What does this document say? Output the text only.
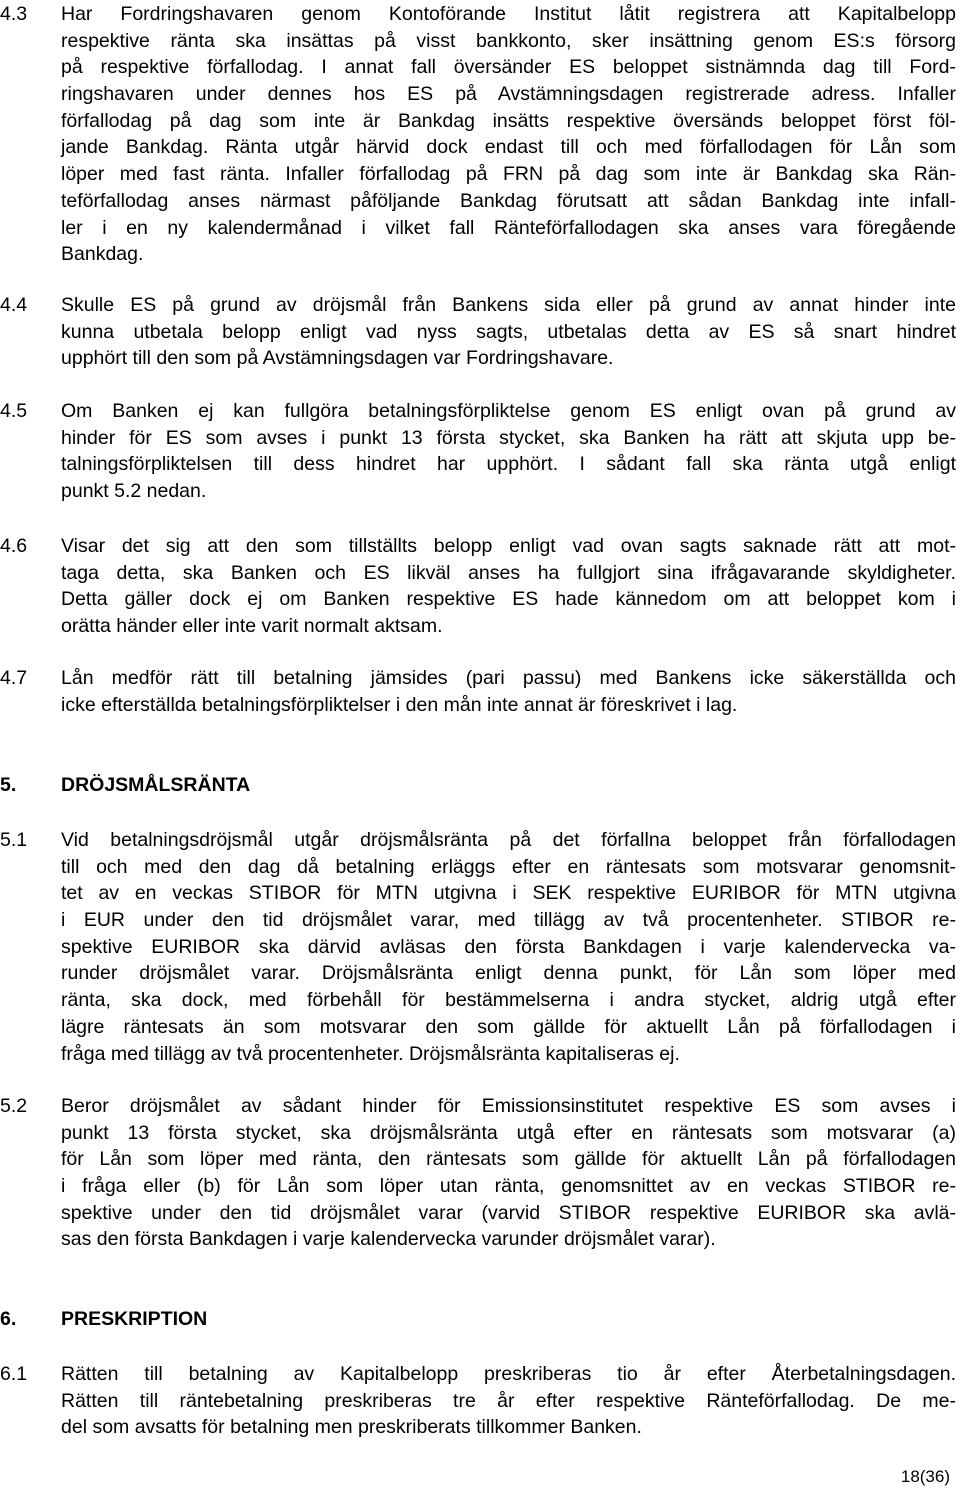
4.3 Har Fordringshavaren genom Kontoförande Institut låtit registrera att Kapitalbelopp
respektive ränta ska insättas på visst bankkonto, sker insättning genom ES:s försorg
på respektive förfallodag. I annat fall översänder ES beloppet sistnämnda dag till Ford-
ringshavaren under dennes hos ES på Avstämningsdagen registrerade adress. Infaller
förfallodag på dag som inte är Bankdag insätts respektive översänds beloppet först föl-
jande Bankdag. Ränta utgår härvid dock endast till och med förfallodagen för Lån som
löper med fast ränta. Infaller förfallodag på FRN på dag som inte är Bankdag ska Rän-
teförfallodag anses närmast påföljande Bankdag förutsatt att sådan Bankdag inte infall-
ler i en ny kalendermånad i vilket fall Ränteförfallodagen ska anses vara föregående
Bankdag.
4.4 Skulle ES på grund av dröjsmål från Bankens sida eller på grund av annat hinder inte
kunna utbetala belopp enligt vad nyss sagts, utbetalas detta av ES så snart hindret
upphört till den som på Avstämningsdagen var Fordringshavare.
4.5 Om Banken ej kan fullgöra betalningsförpliktelse genom ES enligt ovan på grund av
hinder för ES som avses i punkt 13 första stycket, ska Banken ha rätt att skjuta upp be-
talningsförpliktelsen till dess hindret har upphört. I sådant fall ska ränta utgå enligt
punkt 5.2 nedan.
4.6 Visar det sig att den som tillställts belopp enligt vad ovan sagts saknade rätt att mot-
taga detta, ska Banken och ES likväl anses ha fullgjort sina ifrågavarande skyldigheter.
Detta gäller dock ej om Banken respektive ES hade kännedom om att beloppet kom i
orätta händer eller inte varit normalt aktsam.
4.7 Lån medför rätt till betalning jämsides (pari passu) med Bankens icke säkerställda och
icke efterställda betalningsförpliktelser i den mån inte annat är föreskrivet i lag.
5. DRÖJSMÅLSRÄNTA
5.1 Vid betalningsdröjsmål utgår dröjsmålsränta på det förfallna beloppet från förfallodagen
till och med den dag då betalning erläggs efter en räntesats som motsvarar genomsnit-
tet av en veckas STIBOR för MTN utgivna i SEK respektive EURIBOR för MTN utgivna
i EUR under den tid dröjsmålet varar, med tillägg av två procentenheter. STIBOR re-
spektive EURIBOR ska därvid avläsas den första Bankdagen i varje kalendervecka va-
runder dröjsmålet varar. Dröjsmålsränta enligt denna punkt, för Lån som löper med
ränta, ska dock, med förbehåll för bestämmelserna i andra stycket, aldrig utgå efter
lägre räntesats än som motsvarar den som gällde för aktuellt Lån på förfallodagen i
fråga med tillägg av två procentenheter. Dröjsmålsränta kapitaliseras ej.
5.2 Beror dröjsmålet av sådant hinder för Emissionsinstitutet respektive ES som avses i
punkt 13 första stycket, ska dröjsmålsränta utgå efter en räntesats som motsvarar (a)
för Lån som löper med ränta, den räntesats som gällde för aktuellt Lån på förfallodagen
i fråga eller (b) för Lån som löper utan ränta, genomsnittet av en veckas STIBOR re-
spektive under den tid dröjsmålet varar (varvid STIBOR respektive EURIBOR ska avlä-
sas den första Bankdagen i varje kalendervecka varunder dröjsmålet varar).
6. PRESKRIPTION
6.1 Rätten till betalning av Kapitalbelopp preskriberas tio år efter Återbetalningsdagen.
Rätten till räntebetalning preskriberas tre år efter respektive Ränteförfallodag. De me-
del som avsatts för betalning men preskriberats tillkommer Banken.
18(36)
